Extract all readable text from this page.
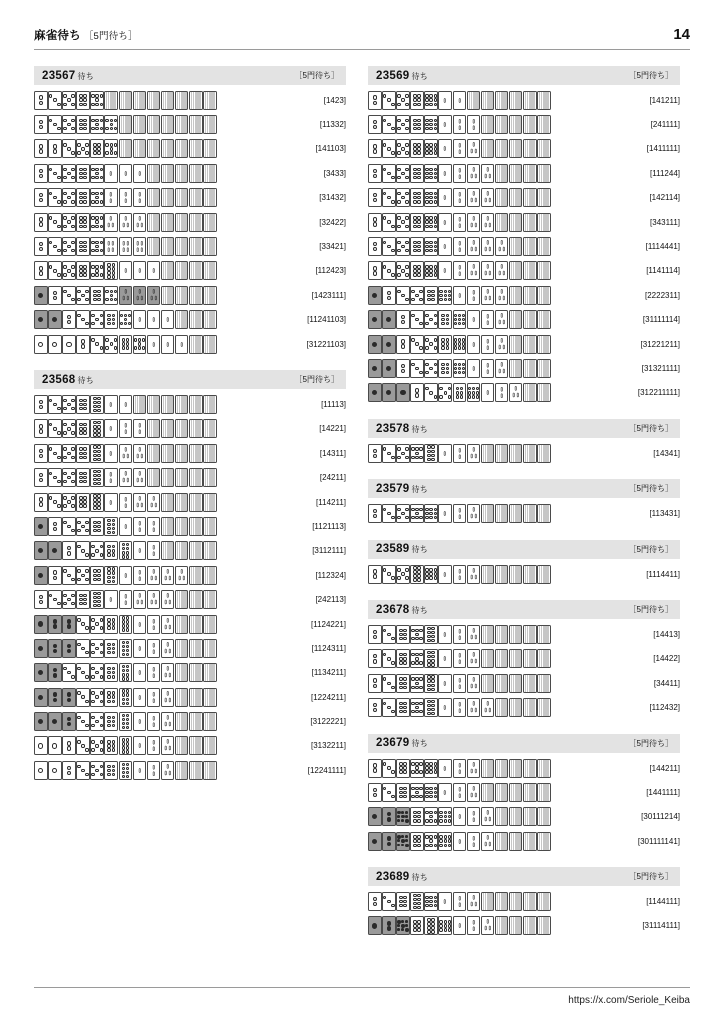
麻雀待ち ［5門待ち］	14
23567 待ち	［5門待ち］
[1423]
[11332]
[141103]
[3433]
[31432]
[32422]
[33421]
[112423]
[1423111]
[11241103]
[31221103]
23568 待ち	［5門待ち］
[11113]
[14221]
[14311]
[24211]
[114211]
[1121113]
[3112111]
[112324]
[242113]
[1124221]
[1124311]
[1134211]
[1224211]
[3122221]
[3132211]
[12241111]
23569 待ち	［5門待ち］
[141211]
[241111]
[1411111]
[111244]
[142114]
[343111]
[1114441]
[1141114]
[2222311]
[31111114]
[31221211]
[31321111]
[312211111]
23578 待ち	［5門待ち］
[14341]
23579 待ち	［5門待ち］
[113431]
23589 待ち	［5門待ち］
[1114411]
23678 待ち	［5門待ち］
[14413]
[14422]
[34411]
[112432]
23679 待ち	［5門待ち］
[144211]
[1441111]
[30111214]
[301111141]
23689 待ち	［5門待ち］
[1144111]
[31114111]
https://x.com/Seriole_Keiba
